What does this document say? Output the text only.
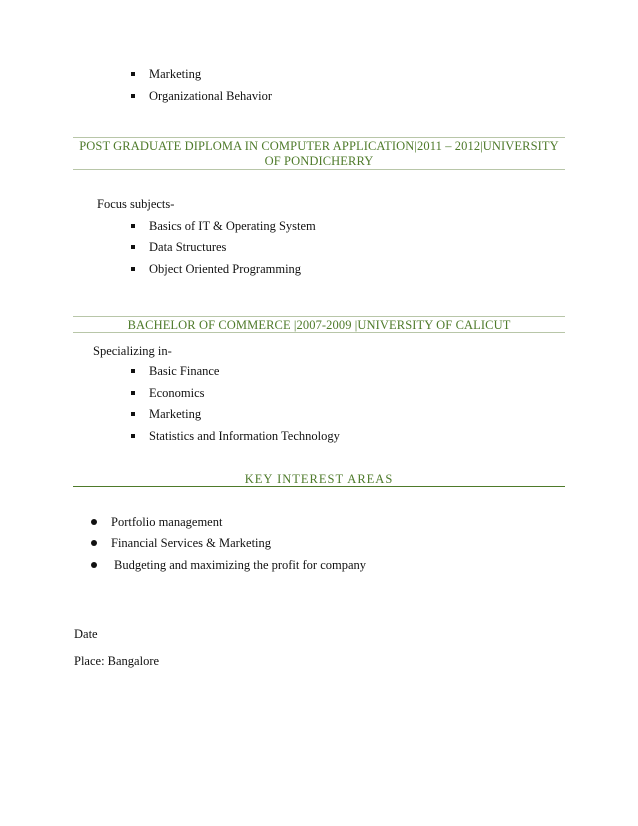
Marketing
Organizational Behavior
POST GRADUATE DIPLOMA IN COMPUTER APPLICATION|2011 – 2012|UNIVERSITY
OF PONDICHERRY
Focus subjects-
Basics of IT & Operating System
Data Structures
Object Oriented Programming
BACHELOR OF COMMERCE |2007-2009 |UNIVERSITY OF CALICUT
Specializing in-
Basic Finance
Economics
Marketing
Statistics and Information Technology
KEY INTEREST AREAS
Portfolio management
Financial Services & Marketing
Budgeting and maximizing the profit for company
Date
Place: Bangalore
